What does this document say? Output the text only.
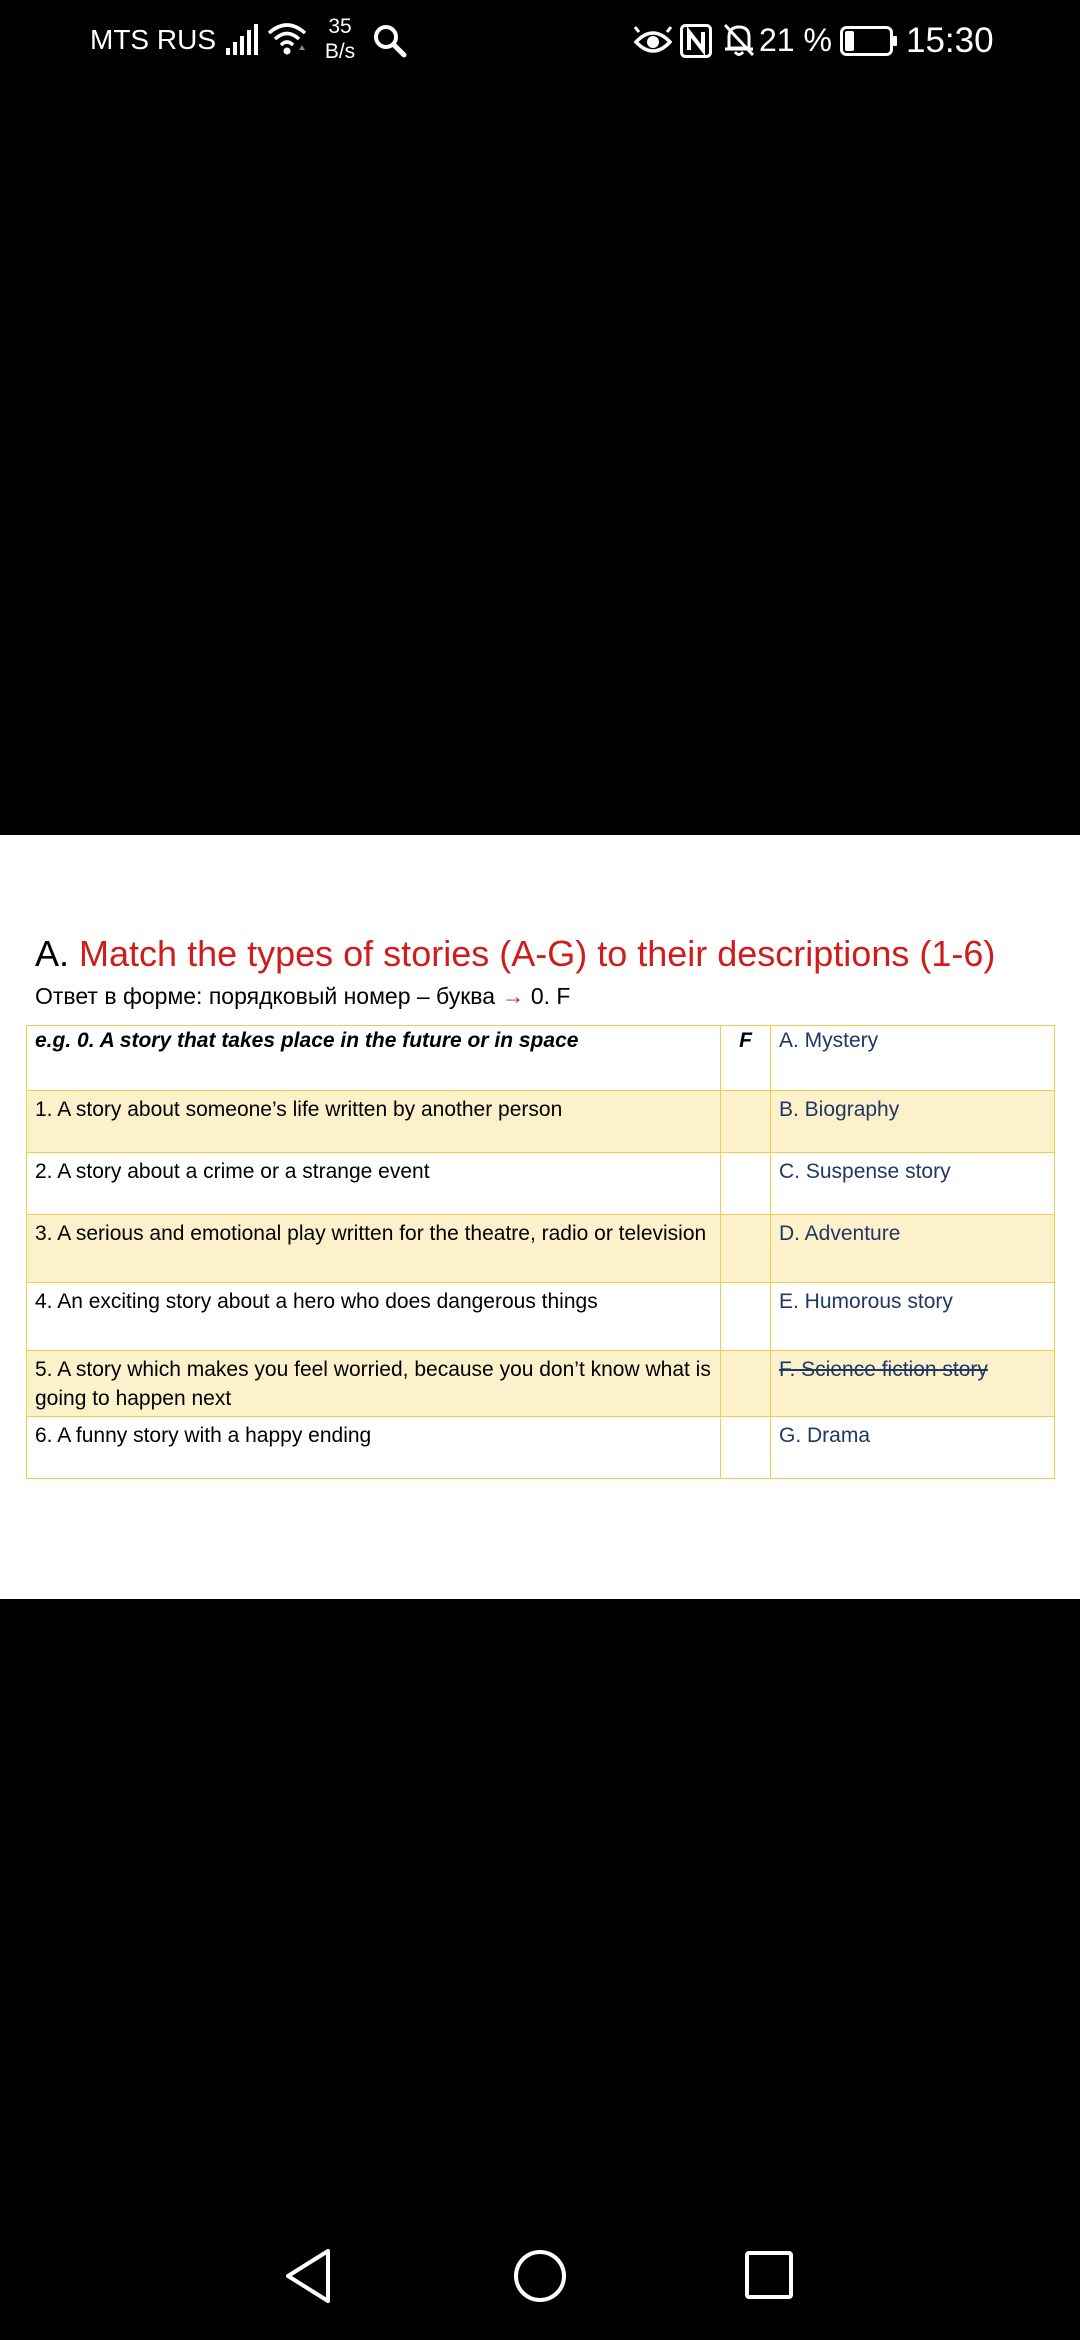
MTS RUS	35
B/s	21 % 15:30
A. Match the types of stories (A-G) to their descriptions (1-6)
Ответ в форме: порядковый номер – буква → 0. F
e.g. 0. A story that takes place in the future or in space	F	A. Mystery
1. A story about someone’s life written by another person		B. Biography
2. A story about a crime or a strange event		C. Suspense story
3. A serious and emotional play written for the theatre, radio or television		D. Adventure
4. An exciting story about a hero who does dangerous things		E. Humorous story
5. A story which makes you feel worried, because you don’t know what is going to happen next		F. Science fiction story
6. A funny story with a happy ending		G. Drama
